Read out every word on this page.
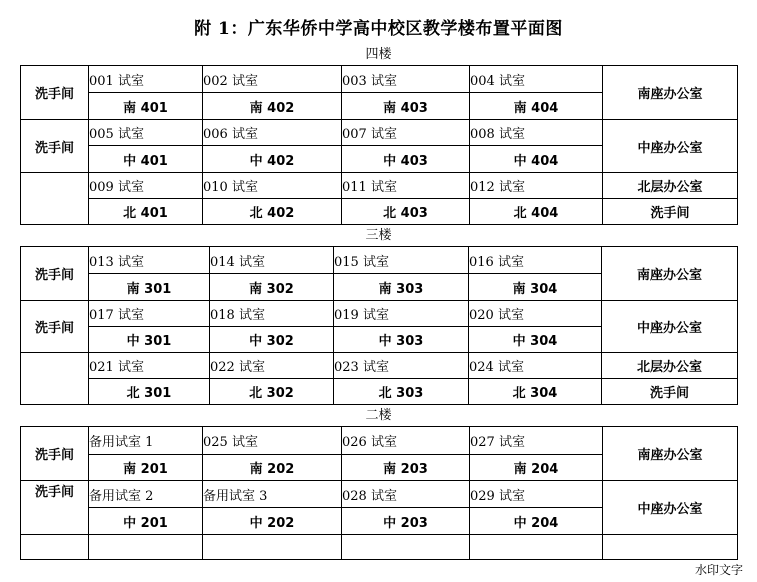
附 1：广东华侨中学高中校区教学楼布置平面图
四楼
洗手间	001 试室	002 试室	003 试室	004 试室	南座办公室
	南 401	南 402	南 403	南 404	
洗手间	005 试室	006 试室	007 试室	008 试室	中座办公室
	中 401	中 402	中 403	中 404	
	009 试室	010 试室	011 试室	012 试室	北层办公室
	北 401	北 402	北 403	北 404	洗手间
三楼
洗手间	013 试室	014 试室	015 试室	016 试室	南座办公室
	南 301	南 302	南 303	南 304	
洗手间	017 试室	018 试室	019 试室	020 试室	中座办公室
	中 301	中 302	中 303	中 304	
	021 试室	022 试室	023 试室	024 试室	北层办公室
	北 301	北 302	北 303	北 304	洗手间
二楼
洗手间	备用试室 1	025 试室	026 试室	027 试室	南座办公室
	南 201	南 202	南 203	南 204	
洗手间	备用试室 2	备用试室 3	028 试室	029 试室	中座办公室
	中 201	中 202	中 203	中 204	

水印文字
